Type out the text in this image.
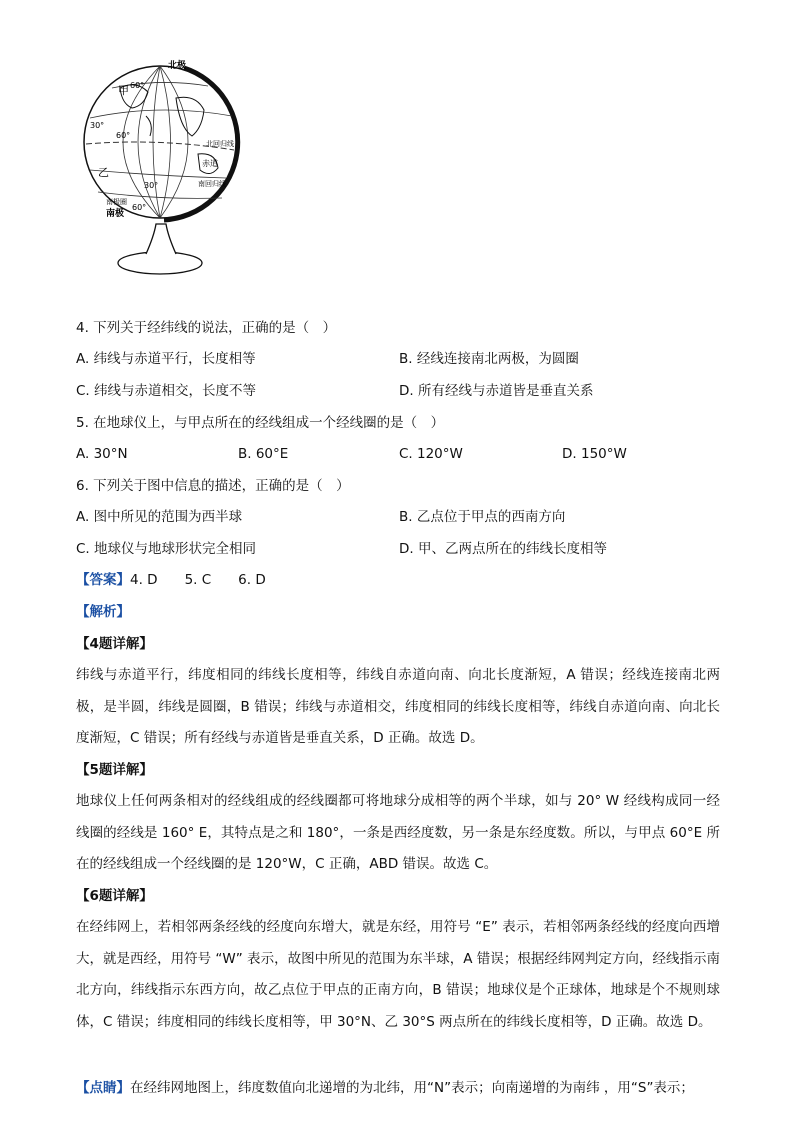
北极
南极
甲
乙
30°
60°
60°
赤道
北回归线
南回归线
30°
60°
南极圈
4. 下列关于经纬线的说法，正确的是（　）
A. 纬线与赤道平行，长度相等	B. 经线连接南北两极，为圆圈
C. 纬线与赤道相交，长度不等	D. 所有经线与赤道皆是垂直关系
5. 在地球仪上，与甲点所在的经线组成一个经线圈的是（　）
A. 30°N	B. 60°E	C. 120°W	D. 150°W
6. 下列关于图中信息的描述，正确的是（　）
A. 图中所见的范围为西半球	B. 乙点位于甲点的西南方向
C. 地球仪与地球形状完全相同	D. 甲、乙两点所在的纬线长度相等
【答案】4. D　　5. C　　6. D
【解析】
【4题详解】
纬线与赤道平行，纬度相同的纬线长度相等，纬线自赤道向南、向北长度渐短，A 错误；经线连接南北两极，是半圆，纬线是圆圈，B 错误；纬线与赤道相交，纬度相同的纬线长度相等，纬线自赤道向南、向北长度渐短，C 错误；所有经线与赤道皆是垂直关系，D 正确。故选 D。
【5题详解】
地球仪上任何两条相对的经线组成的经线圈都可将地球分成相等的两个半球，如与 20° W 经线构成同一经线圈的经线是 160° E，其特点是之和 180°，一条是西经度数，另一条是东经度数。所以，与甲点 60°E 所在的经线组成一个经线圈的是 120°W，C 正确，ABD 错误。故选 C。
【6题详解】
在经纬网上，若相邻两条经线的经度向东增大，就是东经，用符号 “E” 表示，若相邻两条经线的经度向西增大，就是西经，用符号 “W” 表示，故图中所见的范围为东半球，A 错误；根据经纬网判定方向，经线指示南北方向，纬线指示东西方向，故乙点位于甲点的正南方向，B 错误；地球仪是个正球体，地球是个不规则球体，C 错误；纬度相同的纬线长度相等，甲 30°N、乙 30°S 两点所在的纬线长度相等，D 正确。故选 D。
【点睛】在经纬网地图上，纬度数值向北递增的为北纬，用“N”表示；向南递增的为南纬 ，用“S”表示；
